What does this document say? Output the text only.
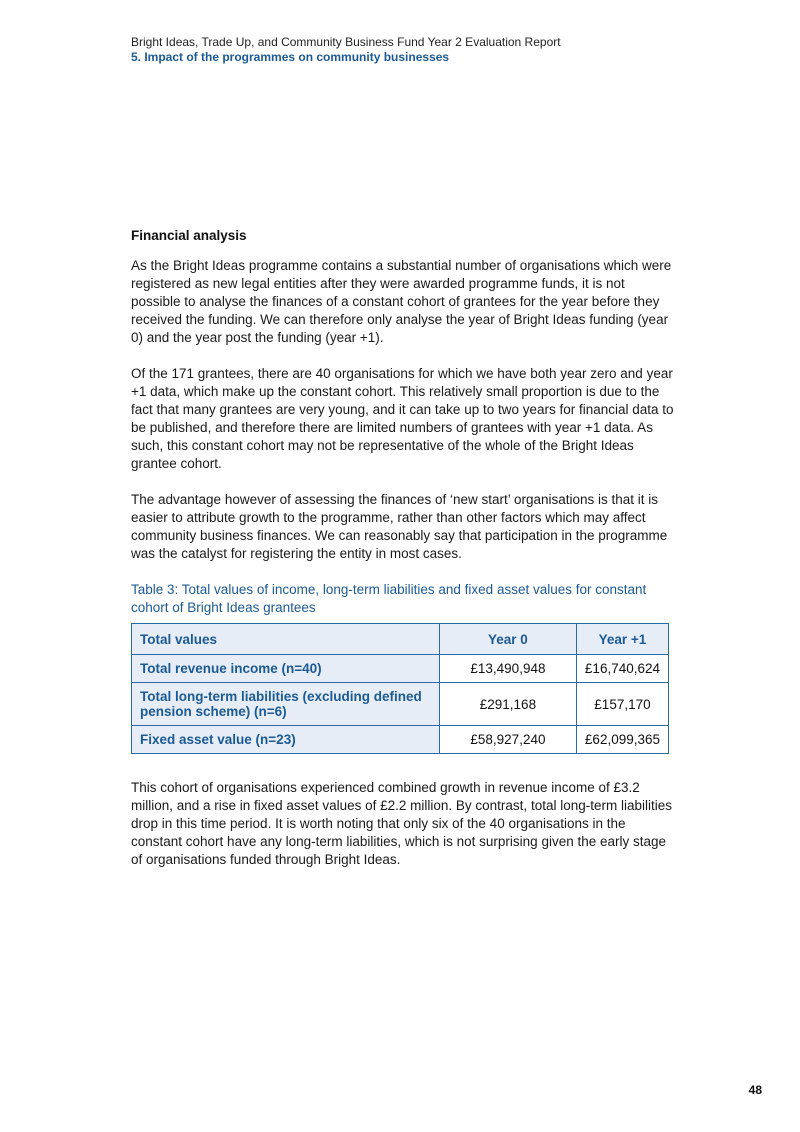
Bright Ideas, Trade Up, and Community Business Fund Year 2 Evaluation Report
5. Impact of the programmes on community businesses
Financial analysis

As the Bright Ideas programme contains a substantial number of organisations which were registered as new legal entities after they were awarded programme funds, it is not possible to analyse the finances of a constant cohort of grantees for the year before they received the funding. We can therefore only analyse the year of Bright Ideas funding (year 0) and the year post the funding (year +1).

Of the 171 grantees, there are 40 organisations for which we have both year zero and year +1 data, which make up the constant cohort. This relatively small proportion is due to the fact that many grantees are very young, and it can take up to two years for financial data to be published, and therefore there are limited numbers of grantees with year +1 data. As such, this constant cohort may not be representative of the whole of the Bright Ideas grantee cohort.

The advantage however of assessing the finances of ‘new start’ organisations is that it is easier to attribute growth to the programme, rather than other factors which may affect community business finances. We can reasonably say that participation in the programme was the catalyst for registering the entity in most cases.

Table 3: Total values of income, long-term liabilities and fixed asset values for constant cohort of Bright Ideas grantees
Total values	Year 0	Year +1
Total revenue income (n=40)	£13,490,948	£16,740,624
Total long-term liabilities (excluding defined pension scheme) (n=6)	£291,168	£157,170
Fixed asset value (n=23)	£58,927,240	£62,099,365

This cohort of organisations experienced combined growth in revenue income of £3.2 million, and a rise in fixed asset values of £2.2 million. By contrast, total long-term liabilities drop in this time period. It is worth noting that only six of the 40 organisations in the constant cohort have any long-term liabilities, which is not surprising given the early stage of organisations funded through Bright Ideas.

48
